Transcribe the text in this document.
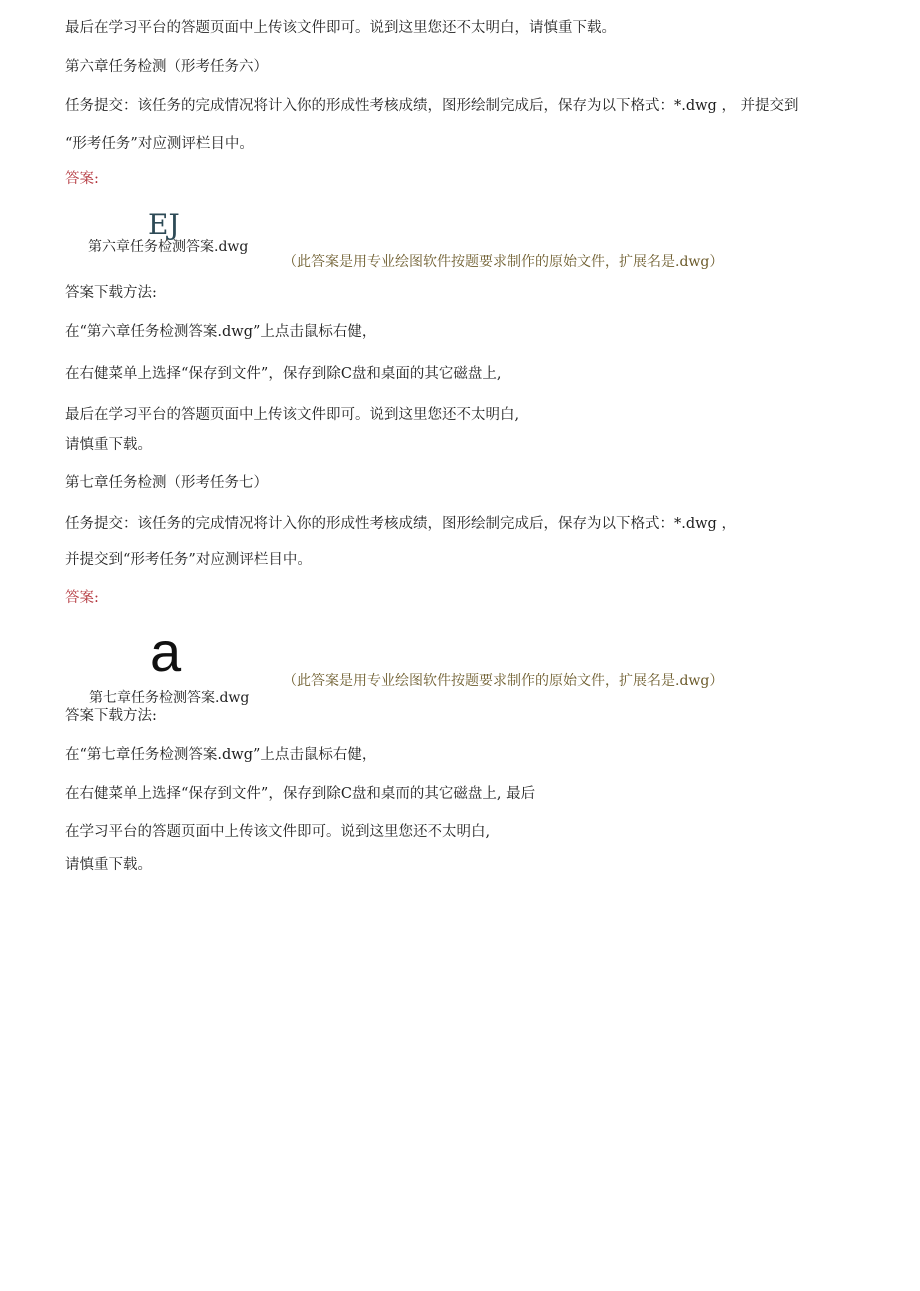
最后在学习平台的答题页面中上传该文件即可。说到这里您还不太明白，请慎重下载。
第六章任务检测（形考任务六）
任务提交：该任务的完成情况将计入你的形成性考核成绩，图形绘制完成后，保存为以下格式：*.dwg ， 并提交到
“形考任务”对应测评栏目中。
答案:
EJ
第六章任务检测答案.dwg
（此答案是用专业绘图软件按题要求制作的原始文件，扩展名是.dwg）
答案下载方法:
在“第六章任务检测答案.dwg”上点击鼠标右健，
在右健菜单上选择“保存到文件”，保存到除C盘和桌面的其它磁盘上,
最后在学习平台的答题页面中上传该文件即可。说到这里您还不太明白,
请慎重下载。
第七章任务检测（形考任务七）
任务提交：该任务的完成情况将计入你的形成性考核成绩，图形绘制完成后，保存为以下格式：*.dwg ，
并提交到“形考任务”对应测评栏目中。
答案:
a
第七章任务检测答案.dwg
（此答案是用专业绘图软件按题要求制作的原始文件，扩展名是.dwg）
答案下载方法:
在“第七章任务检测答案.dwg”上点击鼠标右健，
在右健菜单上选择“保存到文件”，保存到除C盘和桌而的其它磁盘上, 最后
在学习平台的答题页面中上传该文件即可。说到这里您还不太明白,
请慎重下载。
